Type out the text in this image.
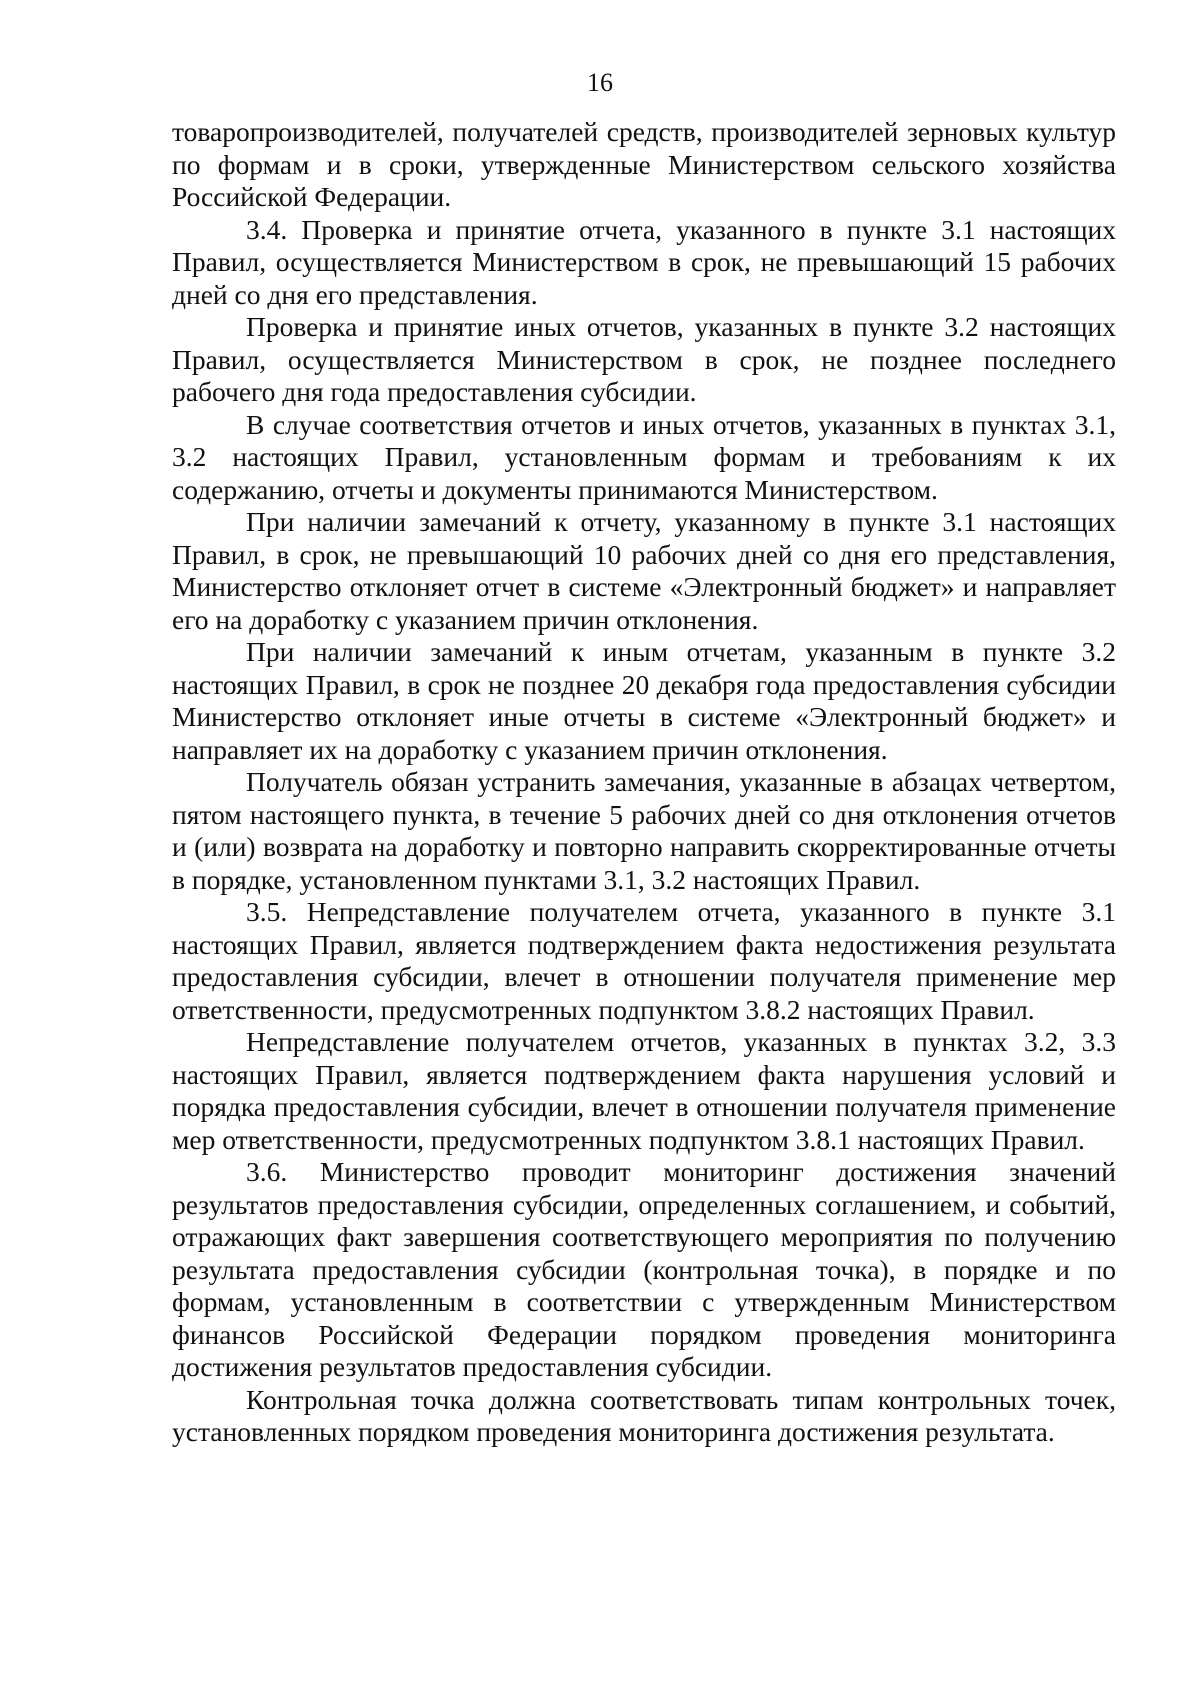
16

товаропроизводителей, получателей средств, производителей зерновых культур по формам и в сроки, утвержденные Министерством сельского хозяйства Российской Федерации.

3.4. Проверка и принятие отчета, указанного в пункте 3.1 настоящих Правил, осуществляется Министерством в срок, не превышающий 15 рабочих дней со дня его представления.

Проверка и принятие иных отчетов, указанных в пункте 3.2 настоящих Правил, осуществляется Министерством в срок, не позднее последнего рабочего дня года предоставления субсидии.

В случае соответствия отчетов и иных отчетов, указанных в пунктах 3.1, 3.2 настоящих Правил, установленным формам и требованиям к их содержанию, отчеты и документы принимаются Министерством.

При наличии замечаний к отчету, указанному в пункте 3.1 настоящих Правил, в срок, не превышающий 10 рабочих дней со дня его представления, Министерство отклоняет отчет в системе «Электронный бюджет» и направляет его на доработку с указанием причин отклонения.

При наличии замечаний к иным отчетам, указанным в пункте 3.2 настоящих Правил, в срок не позднее 20 декабря года предоставления субсидии Министерство отклоняет иные отчеты в системе «Электронный бюджет» и направляет их на доработку с указанием причин отклонения.

Получатель обязан устранить замечания, указанные в абзацах четвертом, пятом настоящего пункта, в течение 5 рабочих дней со дня отклонения отчетов и (или) возврата на доработку и повторно направить скорректированные отчеты в порядке, установленном пунктами 3.1, 3.2 настоящих Правил.

3.5. Непредставление получателем отчета, указанного в пункте 3.1 настоящих Правил, является подтверждением факта недостижения результата предоставления субсидии, влечет в отношении получателя применение мер ответственности, предусмотренных подпунктом 3.8.2 настоящих Правил.

Непредставление получателем отчетов, указанных в пунктах 3.2, 3.3 настоящих Правил, является подтверждением факта нарушения условий и порядка предоставления субсидии, влечет в отношении получателя применение мер ответственности, предусмотренных подпунктом 3.8.1 настоящих Правил.

3.6. Министерство проводит мониторинг достижения значений результатов предоставления субсидии, определенных соглашением, и событий, отражающих факт завершения соответствующего мероприятия по получению результата предоставления субсидии (контрольная точка), в порядке и по формам, установленным в соответствии с утвержденным Министерством финансов Российской Федерации порядком проведения мониторинга достижения результатов предоставления субсидии.

Контрольная точка должна соответствовать типам контрольных точек, установленных порядком проведения мониторинга достижения результата.
